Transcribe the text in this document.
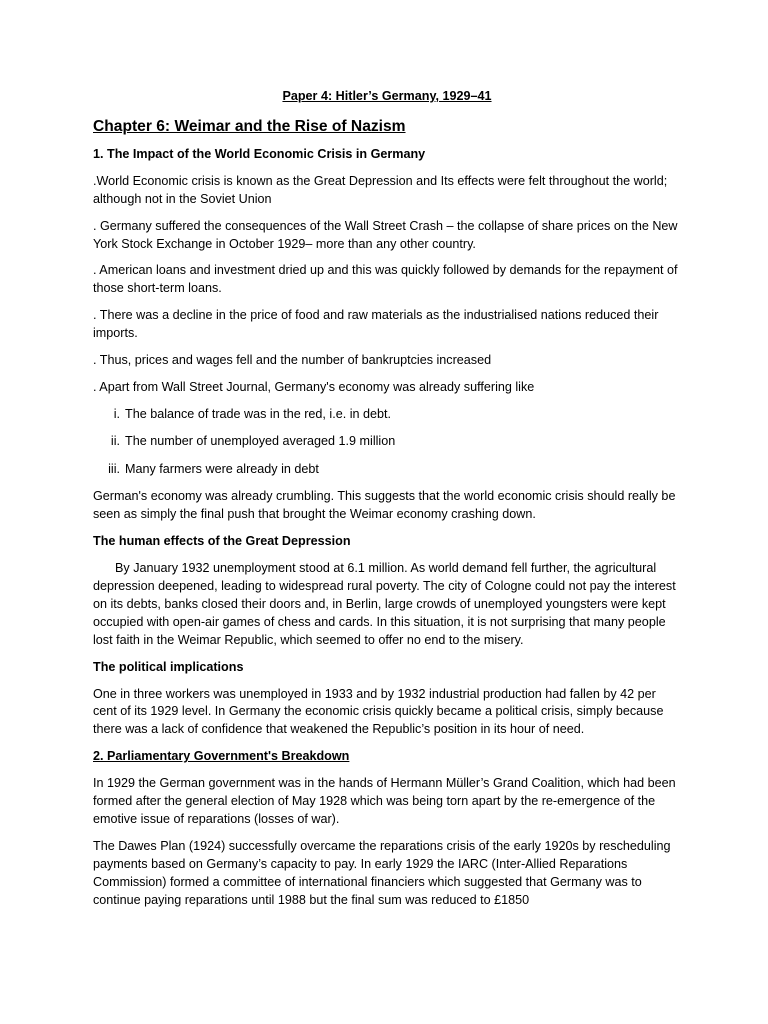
Paper 4: Hitler’s Germany, 1929–41
Chapter 6: Weimar and the Rise of Nazism
1. The Impact of the World Economic Crisis in Germany

.World Economic crisis is known as the Great Depression and Its effects were felt throughout the world; although not in the Soviet Union

. Germany suffered the consequences of the Wall Street Crash – the collapse of share prices on the New York Stock Exchange in October 1929– more than any other country.

. American loans and investment dried up and this was quickly followed by demands for the repayment of those short-term loans.

. There was a decline in the price of food and raw materials as the industrialised nations reduced their imports.

. Thus, prices and wages fell and the number of bankruptcies increased

. Apart from Wall Street Journal, Germany's economy was already suffering like

i. The balance of trade was in the red, i.e. in debt.
ii. The number of unemployed averaged 1.9 million
iii. Many farmers were already in debt

German's economy was already crumbling. This suggests that the world economic crisis should really be seen as simply the final push that brought the Weimar economy crashing down.

The human effects of the Great Depression

By January 1932 unemployment stood at 6.1 million. As world demand fell further, the agricultural depression deepened, leading to widespread rural poverty. The city of Cologne could not pay the interest on its debts, banks closed their doors and, in Berlin, large crowds of unemployed youngsters were kept occupied with open-air games of chess and cards. In this situation, it is not surprising that many people lost faith in the Weimar Republic, which seemed to offer no end to the misery.

The political implications

One in three workers was unemployed in 1933 and by 1932 industrial production had fallen by 42 per cent of its 1929 level. In Germany the economic crisis quickly became a political crisis, simply because there was a lack of confidence that weakened the Republic’s position in its hour of need.

2. Parliamentary Government's Breakdown

In 1929 the German government was in the hands of Hermann Müller’s Grand Coalition, which had been formed after the general election of May 1928 which was being torn apart by the re-emergence of the emotive issue of reparations (losses of war).

The Dawes Plan (1924) successfully overcame the reparations crisis of the early 1920s by rescheduling payments based on Germany’s capacity to pay. In early 1929 the IARC (Inter-Allied Reparations Commission) formed a committee of international financiers which suggested that Germany was to continue paying reparations until 1988 but the final sum was reduced to £1850
